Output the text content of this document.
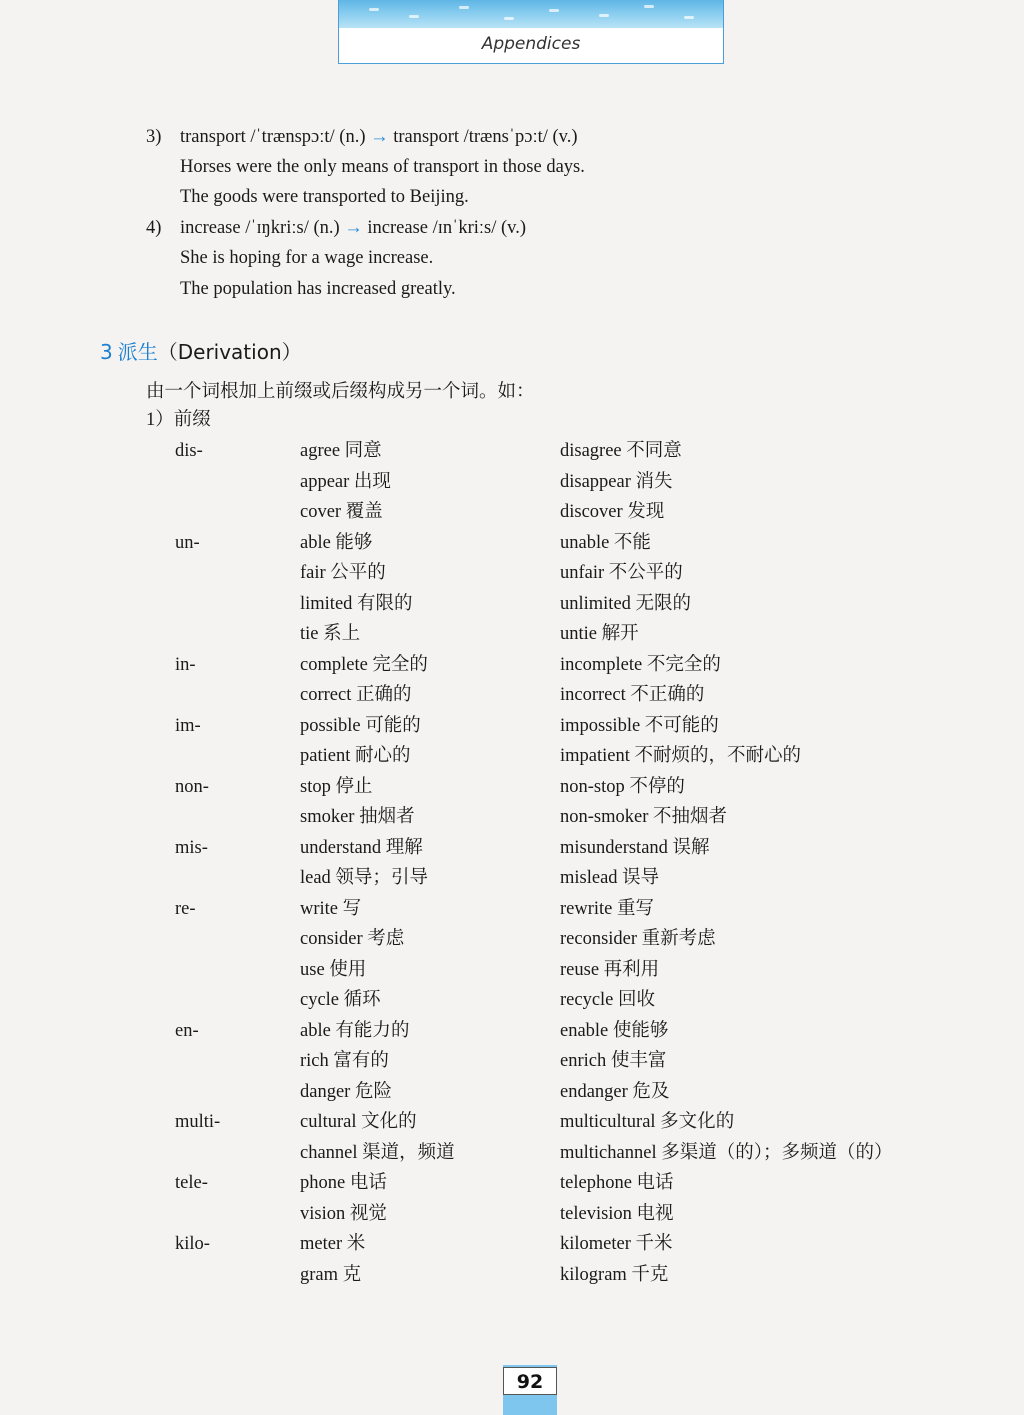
Appendices
3) transport /ˈtrænspɔːt/ (n.) → transport /trænsˈpɔːt/ (v.)
Horses were the only means of transport in those days.
The goods were transported to Beijing.
4) increase /ˈɪŋkriːs/ (n.) → increase /ɪnˈkriːs/ (v.)
She is hoping for a wage increase.
The population has increased greatly.
3 派生（Derivation）
由一个词根加上前缀或后缀构成另一个词。如：
1）前缀
dis-	agree 同意	disagree 不同意
appear 出现	disappear 消失
cover 覆盖	discover 发现
un-	able 能够	unable 不能
fair 公平的	unfair 不公平的
limited 有限的	unlimited 无限的
tie 系上	untie 解开
in-	complete 完全的	incomplete 不完全的
correct 正确的	incorrect 不正确的
im-	possible 可能的	impossible 不可能的
patient 耐心的	impatient 不耐烦的，不耐心的
non-	stop 停止	non-stop 不停的
smoker 抽烟者	non-smoker 不抽烟者
mis-	understand 理解	misunderstand 误解
lead 领导；引导	mislead 误导
re-	write 写	rewrite 重写
consider 考虑	reconsider 重新考虑
use 使用	reuse 再利用
cycle 循环	recycle 回收
en-	able 有能力的	enable 使能够
rich 富有的	enrich 使丰富
danger 危险	endanger 危及
multi-	cultural 文化的	multicultural 多文化的
channel 渠道，频道	multichannel 多渠道（的）；多频道（的）
tele-	phone 电话	telephone 电话
vision 视觉	television 电视
kilo-	meter 米	kilometer 千米
gram 克	kilogram 千克
92
